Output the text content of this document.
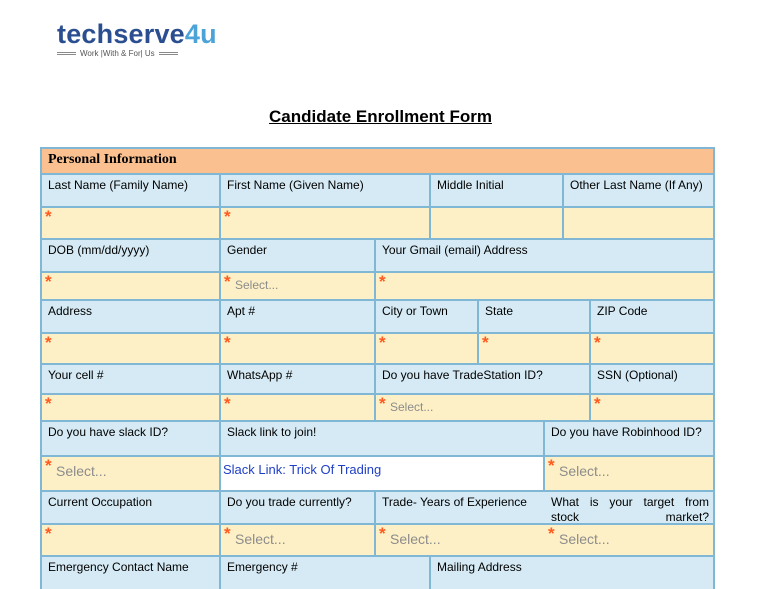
techserve4u
Work |With & For| Us
Candidate Enrollment Form
Personal Information
Last Name (Family Name)	First Name (Given Name)	Middle Initial	Other Last Name (If Any)
*	*
DOB (mm/dd/yyyy)	Gender	Your Gmail (email) Address
*	* Select...	*
Address	Apt #	City or Town	State	ZIP Code
*	*	*	*	*
Your cell #	WhatsApp #	Do you have TradeStation ID?	SSN (Optional)
*	*	* Select...	*
Do you have slack ID?	Slack link to join!	Do you have Robinhood ID?
* Select...	Slack Link: Trick Of Trading	* Select...
Current Occupation	Do you trade currently?	Trade- Years of Experience	What is your target from stock market?
*	* Select...	* Select...	* Select...
Emergency Contact Name	Emergency #	Mailing Address
